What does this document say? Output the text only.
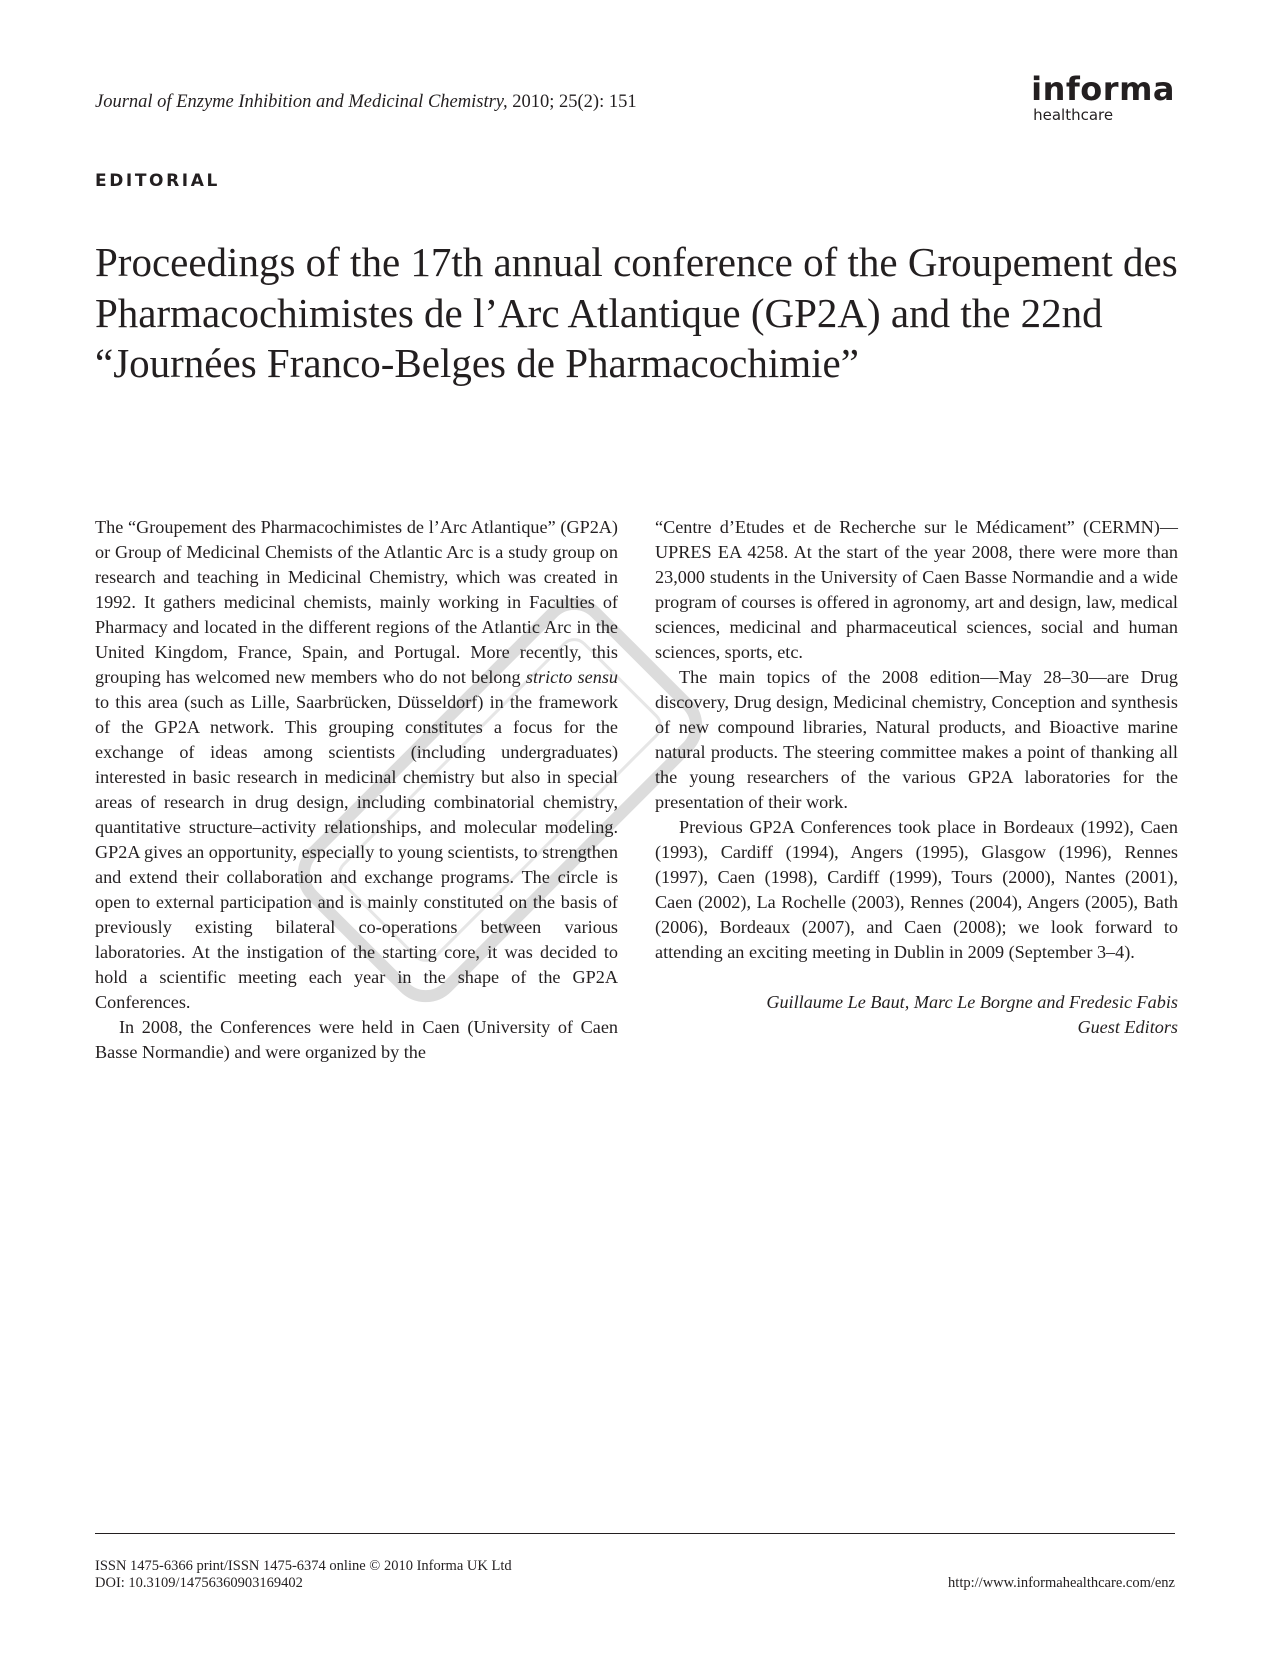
Journal of Enzyme Inhibition and Medicinal Chemistry, 2010; 25(2): 151	informa
healthcare
EDITORIAL
Proceedings of the 17th annual conference of the Groupement des Pharmacochimistes de l’Arc Atlantique (GP2A) and the 22nd “Journées Franco-Belges de Pharmacochimie”

The “Groupement des Pharmacochimistes de l’Arc Atlantique” (GP2A) or Group of Medicinal Chemists of the Atlantic Arc is a study group on research and teaching in Medicinal Chemistry, which was created in 1992. It gathers medicinal chemists, mainly working in Faculties of Pharmacy and located in the different regions of the Atlantic Arc in the United Kingdom, France, Spain, and Portugal. More recently, this grouping has welcomed new members who do not belong stricto sensu to this area (such as Lille, Saarbrücken, Düsseldorf) in the framework of the GP2A network. This grouping constitutes a focus for the exchange of ideas among scientists (including undergraduates) interested in basic research in medicinal chemistry but also in special areas of research in drug design, including combinatorial chemistry, quantitative structure–activity relationships, and molecular modeling. GP2A gives an opportunity, especially to young scientists, to strengthen and extend their collaboration and exchange programs. The circle is open to external participation and is mainly constituted on the basis of previously existing bilateral co-operations between various laboratories. At the instigation of the starting core, it was decided to hold a scientific meeting each year in the shape of the GP2A Conferences.

In 2008, the Conferences were held in Caen (University of Caen Basse Normandie) and were organized by the

“Centre d’Etudes et de Recherche sur le Médicament” (CERMN)—UPRES EA 4258. At the start of the year 2008, there were more than 23,000 students in the University of Caen Basse Normandie and a wide program of courses is offered in agronomy, art and design, law, medical sciences, medicinal and pharmaceutical sciences, social and human sciences, sports, etc.

The main topics of the 2008 edition—May 28–30—are Drug discovery, Drug design, Medicinal chemistry, Conception and synthesis of new compound libraries, Natural products, and Bioactive marine natural products. The steering committee makes a point of thanking all the young researchers of the various GP2A laboratories for the presentation of their work.

Previous GP2A Conferences took place in Bordeaux (1992), Caen (1993), Cardiff (1994), Angers (1995), Glasgow (1996), Rennes (1997), Caen (1998), Cardiff (1999), Tours (2000), Nantes (2001), Caen (2002), La Rochelle (2003), Rennes (2004), Angers (2005), Bath (2006), Bordeaux (2007), and Caen (2008); we look forward to attending an exciting meeting in Dublin in 2009 (September 3–4).

Guillaume Le Baut, Marc Le Borgne and Fredesic Fabis
Guest Editors
ISSN 1475-6366 print/ISSN 1475-6374 online © 2010 Informa UK Ltd
DOI: 10.3109/14756360903169402	http://www.informahealthcare.com/enz
